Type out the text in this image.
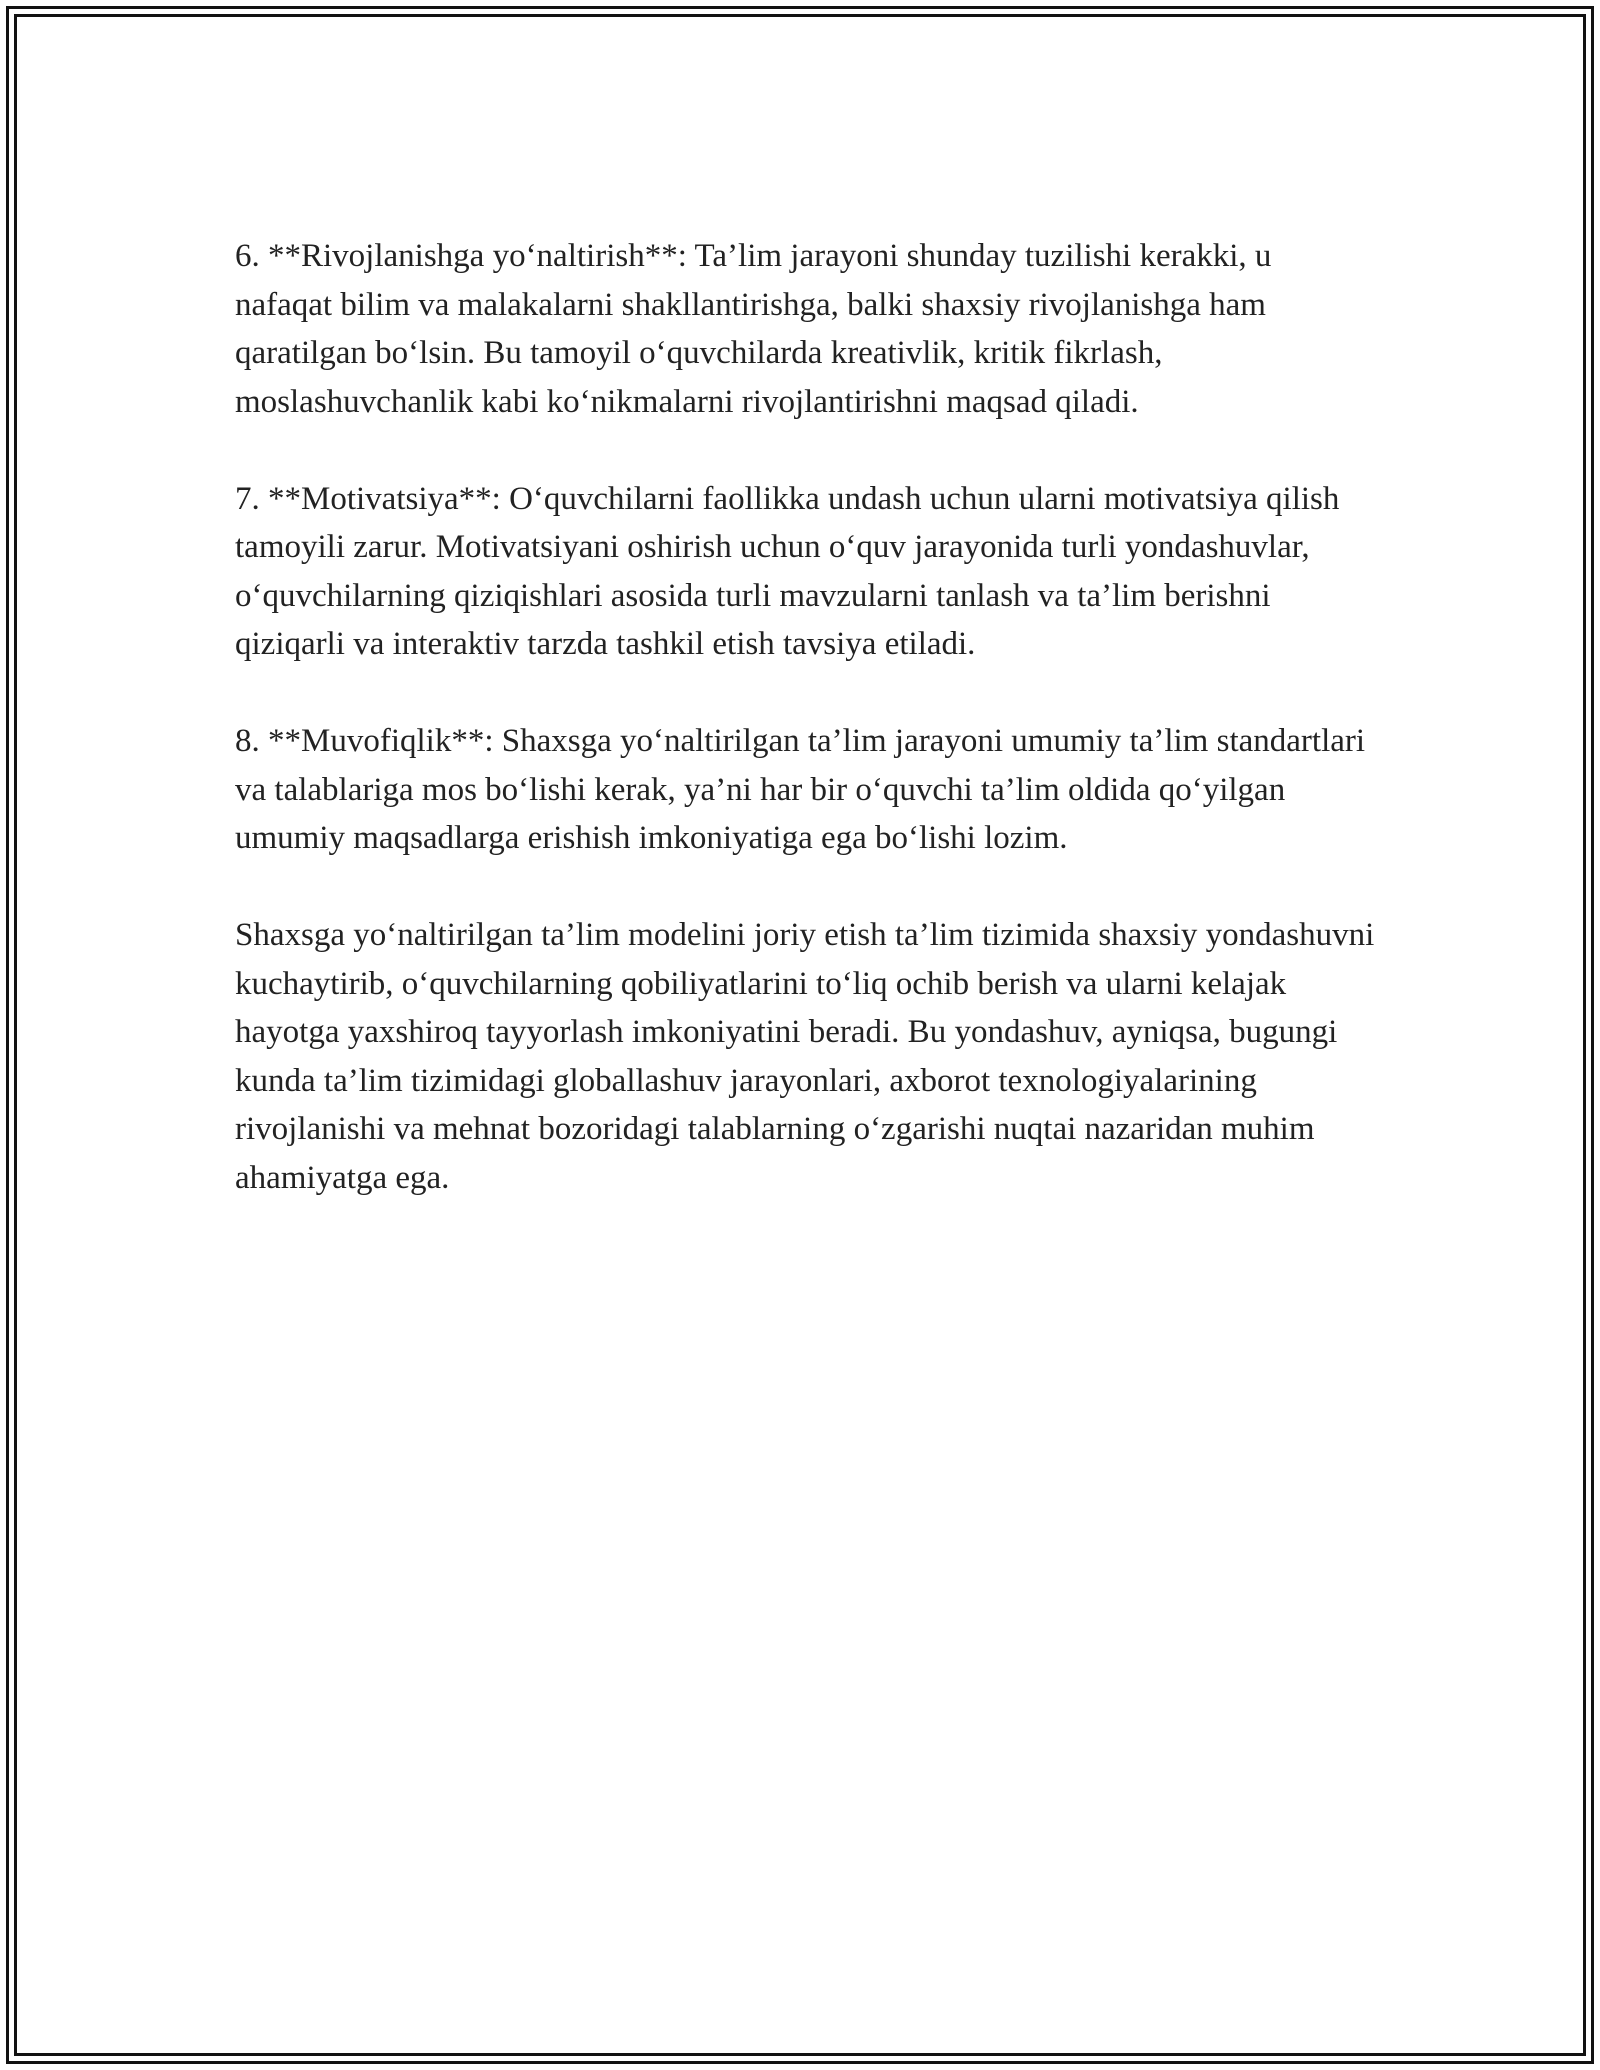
6. **Rivojlanishga yo‘naltirish**: Ta’lim jarayoni shunday tuzilishi kerakki, u nafaqat bilim va malakalarni shakllantirishga, balki shaxsiy rivojlanishga ham qaratilgan bo‘lsin. Bu tamoyil o‘quvchilarda kreativlik, kritik fikrlash, moslashuvchanlik kabi ko‘nikmalarni rivojlantirishni maqsad qiladi.

7. **Motivatsiya**: O‘quvchilarni faollikka undash uchun ularni motivatsiya qilish tamoyili zarur. Motivatsiyani oshirish uchun o‘quv jarayonida turli yondashuvlar, o‘quvchilarning qiziqishlari asosida turli mavzularni tanlash va ta’lim berishni qiziqarli va interaktiv tarzda tashkil etish tavsiya etiladi.

8. **Muvofiqlik**: Shaxsga yo‘naltirilgan ta’lim jarayoni umumiy ta’lim standartlari va talablariga mos bo‘lishi kerak, ya’ni har bir o‘quvchi ta’lim oldida qo‘yilgan umumiy maqsadlarga erishish imkoniyatiga ega bo‘lishi lozim.

Shaxsga yo‘naltirilgan ta’lim modelini joriy etish ta’lim tizimida shaxsiy yondashuvni kuchaytirib, o‘quvchilarning qobiliyatlarini to‘liq ochib berish va ularni kelajak hayotga yaxshiroq tayyorlash imkoniyatini beradi. Bu yondashuv, ayniqsa, bugungi kunda ta’lim tizimidagi globallashuv jarayonlari, axborot texnologiyalarining rivojlanishi va mehnat bozoridagi talablarning o‘zgarishi nuqtai nazaridan muhim ahamiyatga ega.
